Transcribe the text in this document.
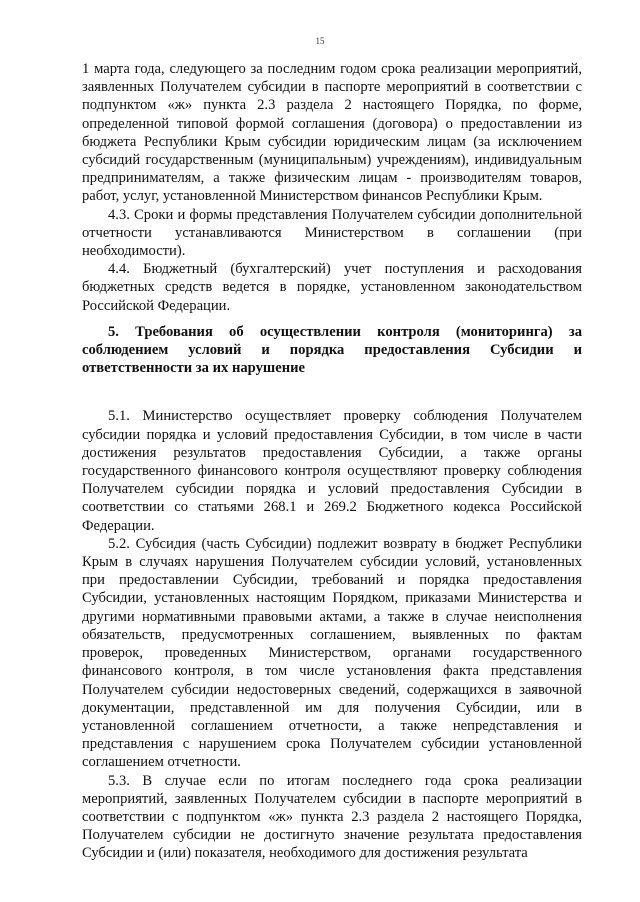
15

1 марта года, следующего за последним годом срока реализации мероприятий, заявленных Получателем субсидии в паспорте мероприятий в соответствии с подпунктом «ж» пункта 2.3 раздела 2 настоящего Порядка, по форме, определенной типовой формой соглашения (договора) о предоставлении из бюджета Республики Крым субсидии юридическим лицам (за исключением субсидий государственным (муниципальным) учреждениям), индивидуальным предпринимателям, а также физическим лицам - производителям товаров, работ, услуг, установленной Министерством финансов Республики Крым.

4.3. Сроки и формы представления Получателем субсидии дополнительной отчетности устанавливаются Министерством в соглашении (при необходимости).

4.4. Бюджетный (бухгалтерский) учет поступления и расходования бюджетных средств ведется в порядке, установленном законодательством Российской Федерации.

5. Требования об осуществлении контроля (мониторинга) за соблюдением условий и порядка предоставления Субсидии и ответственности за их нарушение

5.1. Министерство осуществляет проверку соблюдения Получателем субсидии порядка и условий предоставления Субсидии, в том числе в части достижения результатов предоставления Субсидии, а также органы государственного финансового контроля осуществляют проверку соблюдения Получателем субсидии порядка и условий предоставления Субсидии в соответствии со статьями 268.1 и 269.2 Бюджетного кодекса Российской Федерации.

5.2. Субсидия (часть Субсидии) подлежит возврату в бюджет Республики Крым в случаях нарушения Получателем субсидии условий, установленных при предоставлении Субсидии, требований и порядка предоставления Субсидии, установленных настоящим Порядком, приказами Министерства и другими нормативными правовыми актами, а также в случае неисполнения обязательств, предусмотренных соглашением, выявленных по фактам проверок, проведенных Министерством, органами государственного финансового контроля, в том числе установления факта представления Получателем субсидии недостоверных сведений, содержащихся в заявочной документации, представленной им для получения Субсидии, или в установленной соглашением отчетности, а также непредставления и представления с нарушением срока Получателем субсидии установленной соглашением отчетности.

5.3. В случае если по итогам последнего года срока реализации мероприятий, заявленных Получателем субсидии в паспорте мероприятий в соответствии с подпунктом «ж» пункта 2.3 раздела 2 настоящего Порядка, Получателем субсидии не достигнуто значение результата предоставления Субсидии и (или) показателя, необходимого для достижения результата
